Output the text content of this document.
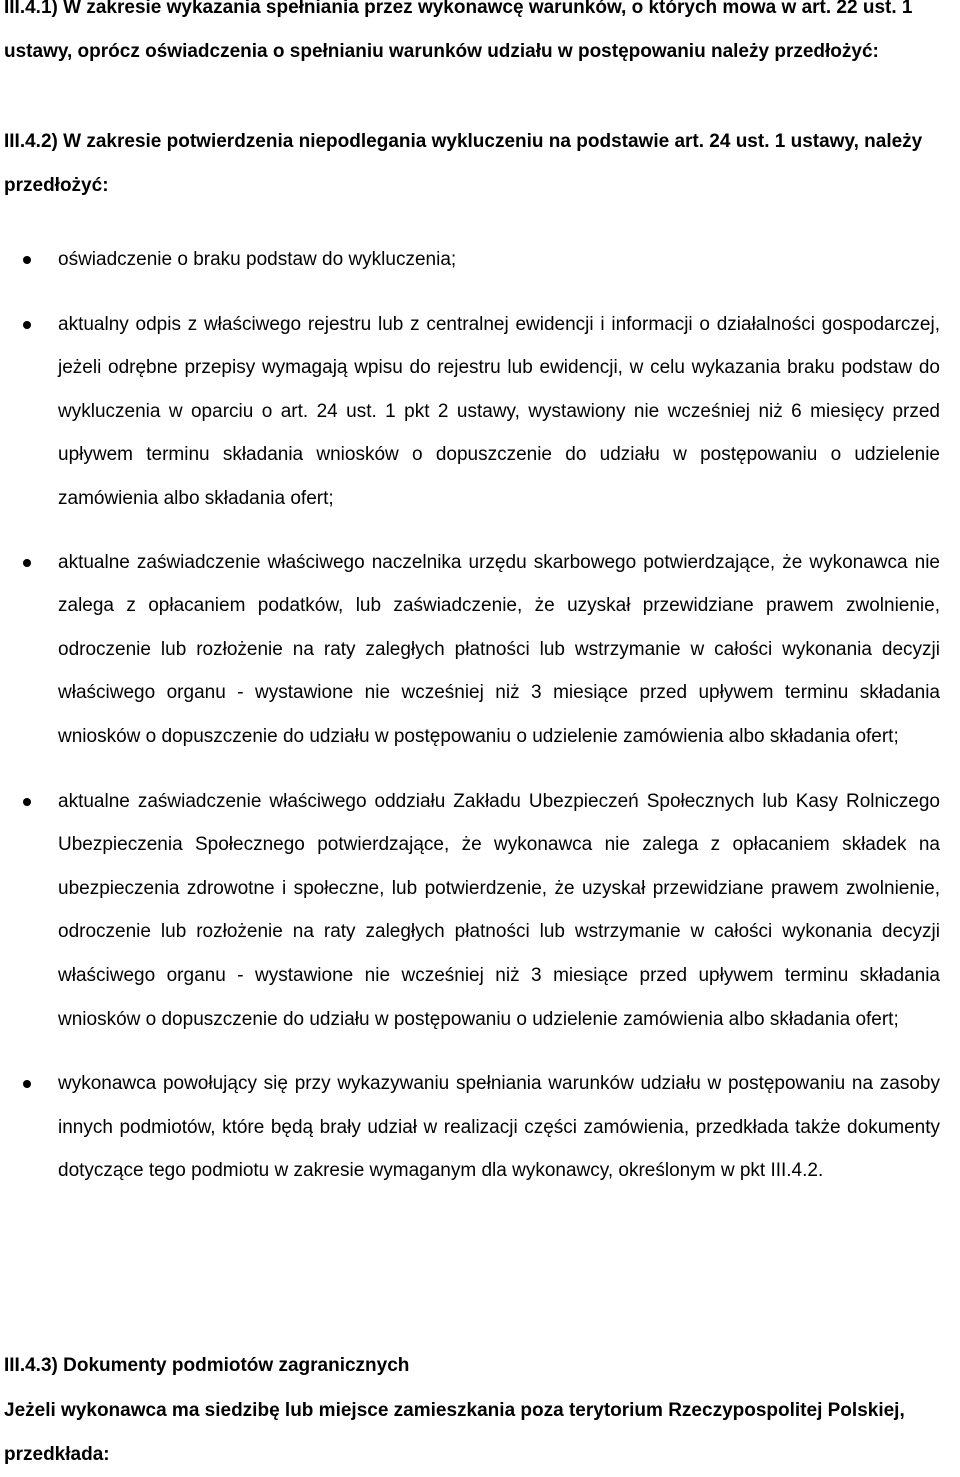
III.4.1) W zakresie wykazania spełniania przez wykonawcę warunków, o których mowa w art. 22 ust. 1 ustawy, oprócz oświadczenia o spełnianiu warunków udziału w postępowaniu należy przedłożyć:

III.4.2) W zakresie potwierdzenia niepodlegania wykluczeniu na podstawie art. 24 ust. 1 ustawy, należy przedłożyć:

oświadczenie o braku podstaw do wykluczenia;
aktualny odpis z właściwego rejestru lub z centralnej ewidencji i informacji o działalności gospodarczej, jeżeli odrębne przepisy wymagają wpisu do rejestru lub ewidencji, w celu wykazania braku podstaw do wykluczenia w oparciu o art. 24 ust. 1 pkt 2 ustawy, wystawiony nie wcześniej niż 6 miesięcy przed upływem terminu składania wniosków o dopuszczenie do udziału w postępowaniu o udzielenie zamówienia albo składania ofert;
aktualne zaświadczenie właściwego naczelnika urzędu skarbowego potwierdzające, że wykonawca nie zalega z opłacaniem podatków, lub zaświadczenie, że uzyskał przewidziane prawem zwolnienie, odroczenie lub rozłożenie na raty zaległych płatności lub wstrzymanie w całości wykonania decyzji właściwego organu - wystawione nie wcześniej niż 3 miesiące przed upływem terminu składania wniosków o dopuszczenie do udziału w postępowaniu o udzielenie zamówienia albo składania ofert;
aktualne zaświadczenie właściwego oddziału Zakładu Ubezpieczeń Społecznych lub Kasy Rolniczego Ubezpieczenia Społecznego potwierdzające, że wykonawca nie zalega z opłacaniem składek na ubezpieczenia zdrowotne i społeczne, lub potwierdzenie, że uzyskał przewidziane prawem zwolnienie, odroczenie lub rozłożenie na raty zaległych płatności lub wstrzymanie w całości wykonania decyzji właściwego organu - wystawione nie wcześniej niż 3 miesiące przed upływem terminu składania wniosków o dopuszczenie do udziału w postępowaniu o udzielenie zamówienia albo składania ofert;
wykonawca powołujący się przy wykazywaniu spełniania warunków udziału w postępowaniu na zasoby innych podmiotów, które będą brały udział w realizacji części zamówienia, przedkłada także dokumenty dotyczące tego podmiotu w zakresie wymaganym dla wykonawcy, określonym w pkt III.4.2.

III.4.3) Dokumenty podmiotów zagranicznych

Jeżeli wykonawca ma siedzibę lub miejsce zamieszkania poza terytorium Rzeczypospolitej Polskiej, przedkłada:
